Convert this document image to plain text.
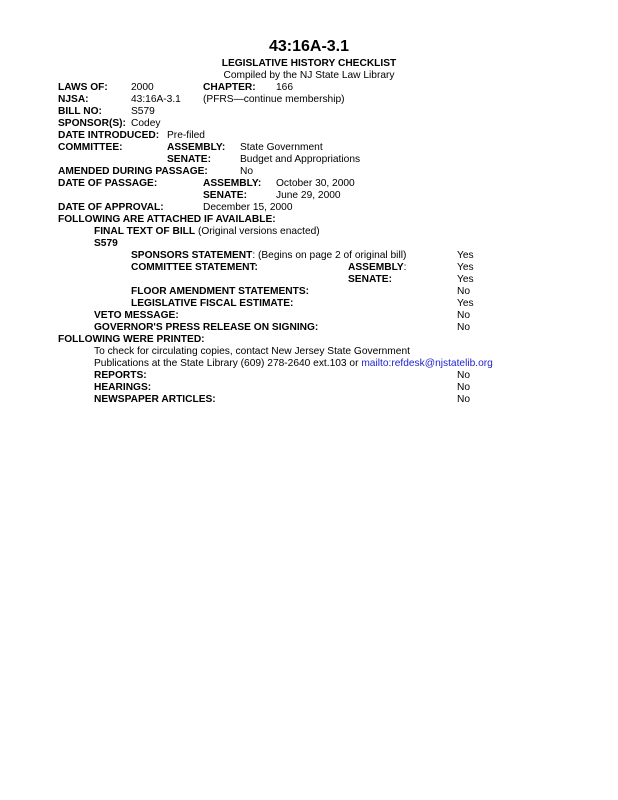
43:16A-3.1
LEGISLATIVE HISTORY CHECKLIST
Compiled by the NJ State Law Library
LAWS OF: 2000	CHAPTER: 166
NJSA:	43:16A-3.1 (PFRS—continue membership)
BILL NO:	S579
SPONSOR(S): Codey
DATE INTRODUCED: Pre-filed
COMMITTEE:	ASSEMBLY: State Government
SENATE:	Budget and Appropriations
AMENDED DURING PASSAGE:	No
DATE OF PASSAGE:	ASSEMBLY: October 30, 2000
SENATE:	June 29, 2000
DATE OF APPROVAL:	December 15, 2000
FOLLOWING ARE ATTACHED IF AVAILABLE:
FINAL TEXT OF BILL (Original versions enacted)
S579
SPONSORS STATEMENT: (Begins on page 2 of original bill)	Yes
COMMITTEE STATEMENT:	ASSEMBLY:	Yes
SENATE:	Yes
FLOOR AMENDMENT STATEMENTS:	No
LEGISLATIVE FISCAL ESTIMATE:	Yes
VETO MESSAGE:	No
GOVERNOR'S PRESS RELEASE ON SIGNING:	No
FOLLOWING WERE PRINTED:
To check for circulating copies, contact New Jersey State Government
Publications at the State Library (609) 278-2640 ext.103 or mailto:refdesk@njstatelib.org
REPORTS:	No
HEARINGS:	No
NEWSPAPER ARTICLES:	No
